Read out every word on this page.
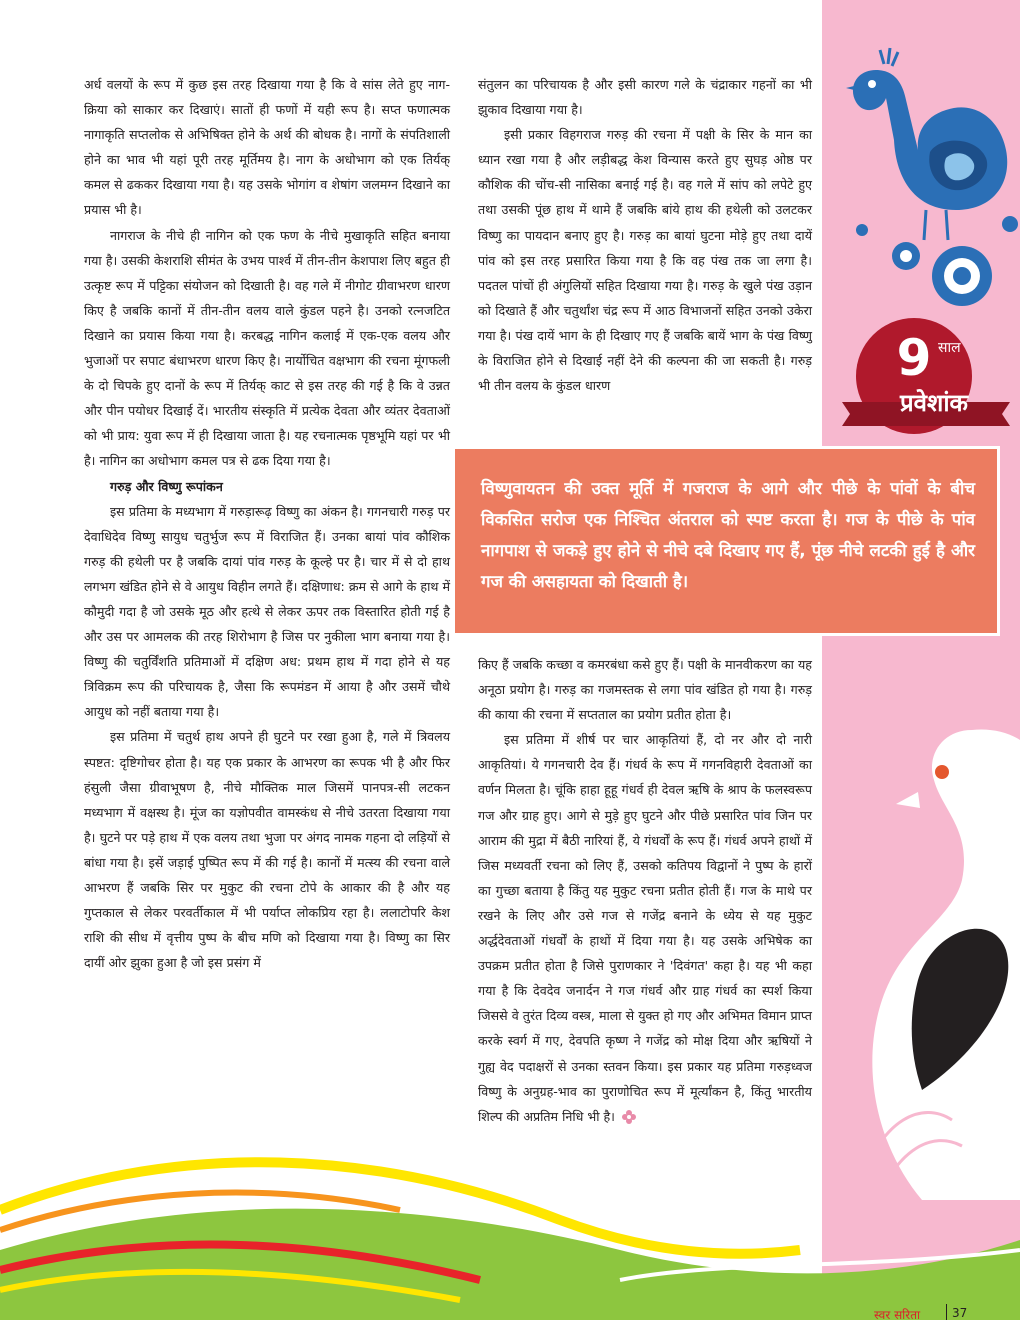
9 साल
प्रवेशांक

अर्ध वलयों के रूप में कुछ इस तरह दिखाया गया है कि वे सांस लेते हुए नाग-क्रिया को साकार कर दिखाएं। सातों ही फणों में यही रूप है। सप्त फणात्मक नागाकृति सप्तलोक से अभिषिक्त होने के अर्थ की बोधक है। नागों के संपतिशाली होने का भाव भी यहां पूरी तरह मूर्तिमय है। नाग के अधोभाग को एक तिर्यक् कमल से ढककर दिखाया गया है। यह उसके भोगांग व शेषांग जलमग्न दिखाने का प्रयास भी है।

नागराज के नीचे ही नागिन को एक फण के नीचे मुखाकृति सहित बनाया गया है। उसकी केशराशि सीमंत के उभय पार्श्व में तीन-तीन केशपाश लिए बहुत ही उत्कृष्ट रूप में पट्टिका संयोजन को दिखाती है। वह गले में नीगोट ग्रीवाभरण धारण किए है जबकि कानों में तीन-तीन वलय वाले कुंडल पहने है। उनको रत्नजटित दिखाने का प्रयास किया गया है। करबद्ध नागिन कलाई में एक-एक वलय और भुजाओं पर सपाट बंधाभरण धारण किए है। नार्योचित वक्षभाग की रचना मूंगफली के दो चिपके हुए दानों के रूप में तिर्यक् काट से इस तरह की गई है कि वे उन्नत और पीन पयोधर दिखाई दें। भारतीय संस्कृति में प्रत्येक देवता और व्यंतर देवताओं को भी प्राय: युवा रूप में ही दिखाया जाता है। यह रचनात्मक पृष्ठभूमि यहां पर भी है। नागिन का अधोभाग कमल पत्र से ढक दिया गया है।

गरुड़ और विष्णु रूपांकन

इस प्रतिमा के मध्यभाग में गरुड़ारूढ़ विष्णु का अंकन है। गगनचारी गरुड़ पर देवाधिदेव विष्णु सायुध चतुर्भुज रूप में विराजित हैं। उनका बायां पांव कौशिक गरुड़ की हथेली पर है जबकि दायां पांव गरुड़ के कूल्हे पर है। चार में से दो हाथ लगभग खंडित होने से वे आयुध विहीन लगते हैं। दक्षिणाध: क्रम से आगे के हाथ में कौमुदी गदा है जो उसके मूठ और हत्थे से लेकर ऊपर तक विस्तारित होती गई है और उस पर आमलक की तरह शिरोभाग है जिस पर नुकीला भाग बनाया गया है। विष्णु की चतुर्विंशति प्रतिमाओं में दक्षिण अध: प्रथम हाथ में गदा होने से यह त्रिविक्रम रूप की परिचायक है, जैसा कि रूपमंडन में आया है और उसमें चौथे आयुध को नहीं बताया गया है।

इस प्रतिमा में चतुर्थ हाथ अपने ही घुटने पर रखा हुआ है, गले में त्रिवलय स्पष्टत: दृष्टिगोचर होता है। यह एक प्रकार के आभरण का रूपक भी है और फिर हंसुली जैसा ग्रीवाभूषण है, नीचे मौक्तिक माल जिसमें पानपत्र-सी लटकन मध्यभाग में वक्षस्थ है। मूंज का यज्ञोपवीत वामस्कंध से नीचे उतरता दिखाया गया है। घुटने पर पड़े हाथ में एक वलय तथा भुजा पर अंगद नामक गहना दो लड़ियों से बांधा गया है। इसें जड़ाई पुष्पित रूप में की गई है। कानों में मत्स्य की रचना वाले आभरण हैं जबकि सिर पर मुकुट की रचना टोपे के आकार की है और यह गुप्तकाल से लेकर परवर्तीकाल में भी पर्याप्त लोकप्रिय रहा है। ललाटोपरि केश राशि की सीध में वृत्तीय पुष्प के बीच मणि को दिखाया गया है। विष्णु का सिर दायीं ओर झुका हुआ है जो इस प्रसंग में

संतुलन का परिचायक है और इसी कारण गले के चंद्राकार गहनों का भी झुकाव दिखाया गया है।

इसी प्रकार विहगराज गरुड़ की रचना में पक्षी के सिर के मान का ध्यान रखा गया है और लड़ीबद्ध केश विन्यास करते हुए सुघड़ ओष्ठ पर कौशिक की चोंच-सी नासिका बनाई गई है। वह गले में सांप को लपेटे हुए तथा उसकी पूंछ हाथ में थामे हैं जबकि बांये हाथ की हथेली को उलटकर विष्णु का पायदान बनाए हुए है। गरुड़ का बायां घुटना मोड़े हुए तथा दायें पांव को इस तरह प्रसारित किया गया है कि वह पंख तक जा लगा है। पदतल पांचों ही अंगुलियों सहित दिखाया गया है। गरुड़ के खुले पंख उड़ान को दिखाते हैं और चतुर्थांश चंद्र रूप में आठ विभाजनों सहित उनको उकेरा गया है। पंख दायें भाग के ही दिखाए गए हैं जबकि बायें भाग के पंख विष्णु के विराजित होने से दिखाई नहीं देने की कल्पना की जा सकती है। गरुड़ भी तीन वलय के कुंडल धारण

विष्णुवायतन की उक्त मूर्ति में गजराज के आगे और पीछे के पांवों के बीच विकसित सरोज एक निश्चित अंतराल को स्पष्ट करता है। गज के पीछे के पांव नागपाश से जकड़े हुए होने से नीचे दबे दिखाए गए हैं, पूंछ नीचे लटकी हुई है और गज की असहायता को दिखाती है।

किए हैं जबकि कच्छा व कमरबंधा कसे हुए हैं। पक्षी के मानवीकरण का यह अनूठा प्रयोग है। गरुड़ का गजमस्तक से लगा पांव खंडित हो गया है। गरुड़ की काया की रचना में सप्तताल का प्रयोग प्रतीत होता है।

इस प्रतिमा में शीर्ष पर चार आकृतियां हैं, दो नर और दो नारी आकृतियां। ये गगनचारी देव हैं। गंधर्व के रूप में गगनविहारी देवताओं का वर्णन मिलता है। चूंकि हाहा हूहू गंधर्व ही देवल ऋषि के श्राप के फलस्वरूप गज और ग्राह हुए। आगे से मुड़े हुए घुटने और पीछे प्रसारित पांव जिन पर आराम की मुद्रा में बैठी नारियां हैं, ये गंधर्वों के रूप हैं। गंधर्व अपने हाथों में जिस मध्यवर्ती रचना को लिए हैं, उसको कतिपय विद्वानों ने पुष्प के हारों का गुच्छा बताया है किंतु यह मुकुट रचना प्रतीत होती हैं। गज के माथे पर रखने के लिए और उसे गज से गजेंद्र बनाने के ध्येय से यह मुकुट अर्द्धदेवताओं गंधर्वों के हाथों में दिया गया है। यह उसके अभिषेक का उपक्रम प्रतीत होता है जिसे पुराणकार ने 'दिवंगत' कहा है। यह भी कहा गया है कि देवदेव जनार्दन ने गज गंधर्व और ग्राह गंधर्व का स्पर्श किया जिससे वे तुरंत दिव्य वस्त्र, माला से युक्त हो गए और अभिमत विमान प्राप्त करके स्वर्ग में गए, देवपति कृष्ण ने गजेंद्र को मोक्ष दिया और ऋषियों ने गुह्य वेद पदाक्षरों से उनका स्तवन किया। इस प्रकार यह प्रतिमा गरुड़ध्वज विष्णु के अनुग्रह-भाव का पुराणोचित रूप में मूर्त्यांकन है, किंतु भारतीय शिल्प की अप्रतिम निधि भी है।

स्वर सरिता	37
